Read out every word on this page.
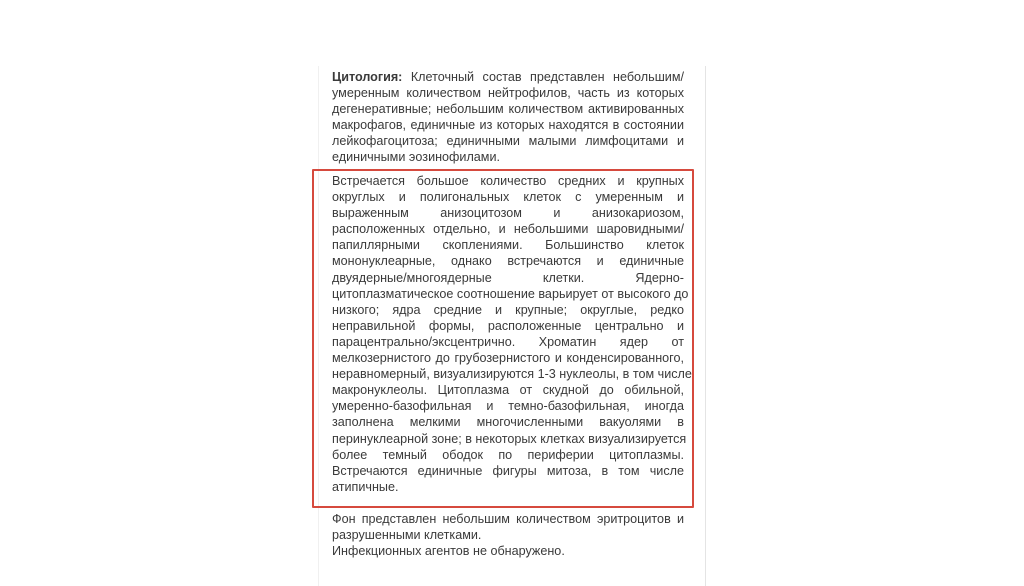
Цитология: Клеточный состав представлен небольшим/
умеренным количеством нейтрофилов, часть из которых
дегенеративные; небольшим количеством активированных
макрофагов, единичные из которых находятся в состоянии
лейкофагоцитоза; единичными малыми лимфоцитами и
единичными эозинофилами.
Встречается большое количество средних и крупных
округлых и полигональных клеток с умеренным и
выраженным анизоцитозом и анизокариозом,
расположенных отдельно, и небольшими шаровидными/
папиллярными скоплениями. Большинство клеток
мононуклеарные, однако встречаются и единичные
двуядерные/многоядерные клетки. Ядерно-
цитоплазматическое соотношение варьирует от высокого до
низкого; ядра средние и крупные; округлые, редко
неправильной формы, расположенные центрально и
парацентрально/эксцентрично. Хроматин ядер от
мелкозернистого до грубозернистого и конденсированного,
неравномерный, визуализируются 1-3 нуклеолы, в том числе
макронуклеолы. Цитоплазма от скудной до обильной,
умеренно-базофильная и темно-базофильная, иногда
заполнена мелкими многочисленными вакуолями в
перинуклеарной зоне; в некоторых клетках визуализируется
более темный ободок по периферии цитоплазмы.
Встречаются единичные фигуры митоза, в том числе
атипичные.
Фон представлен небольшим количеством эритроцитов и
разрушенными клетками.
Инфекционных агентов не обнаружено.
